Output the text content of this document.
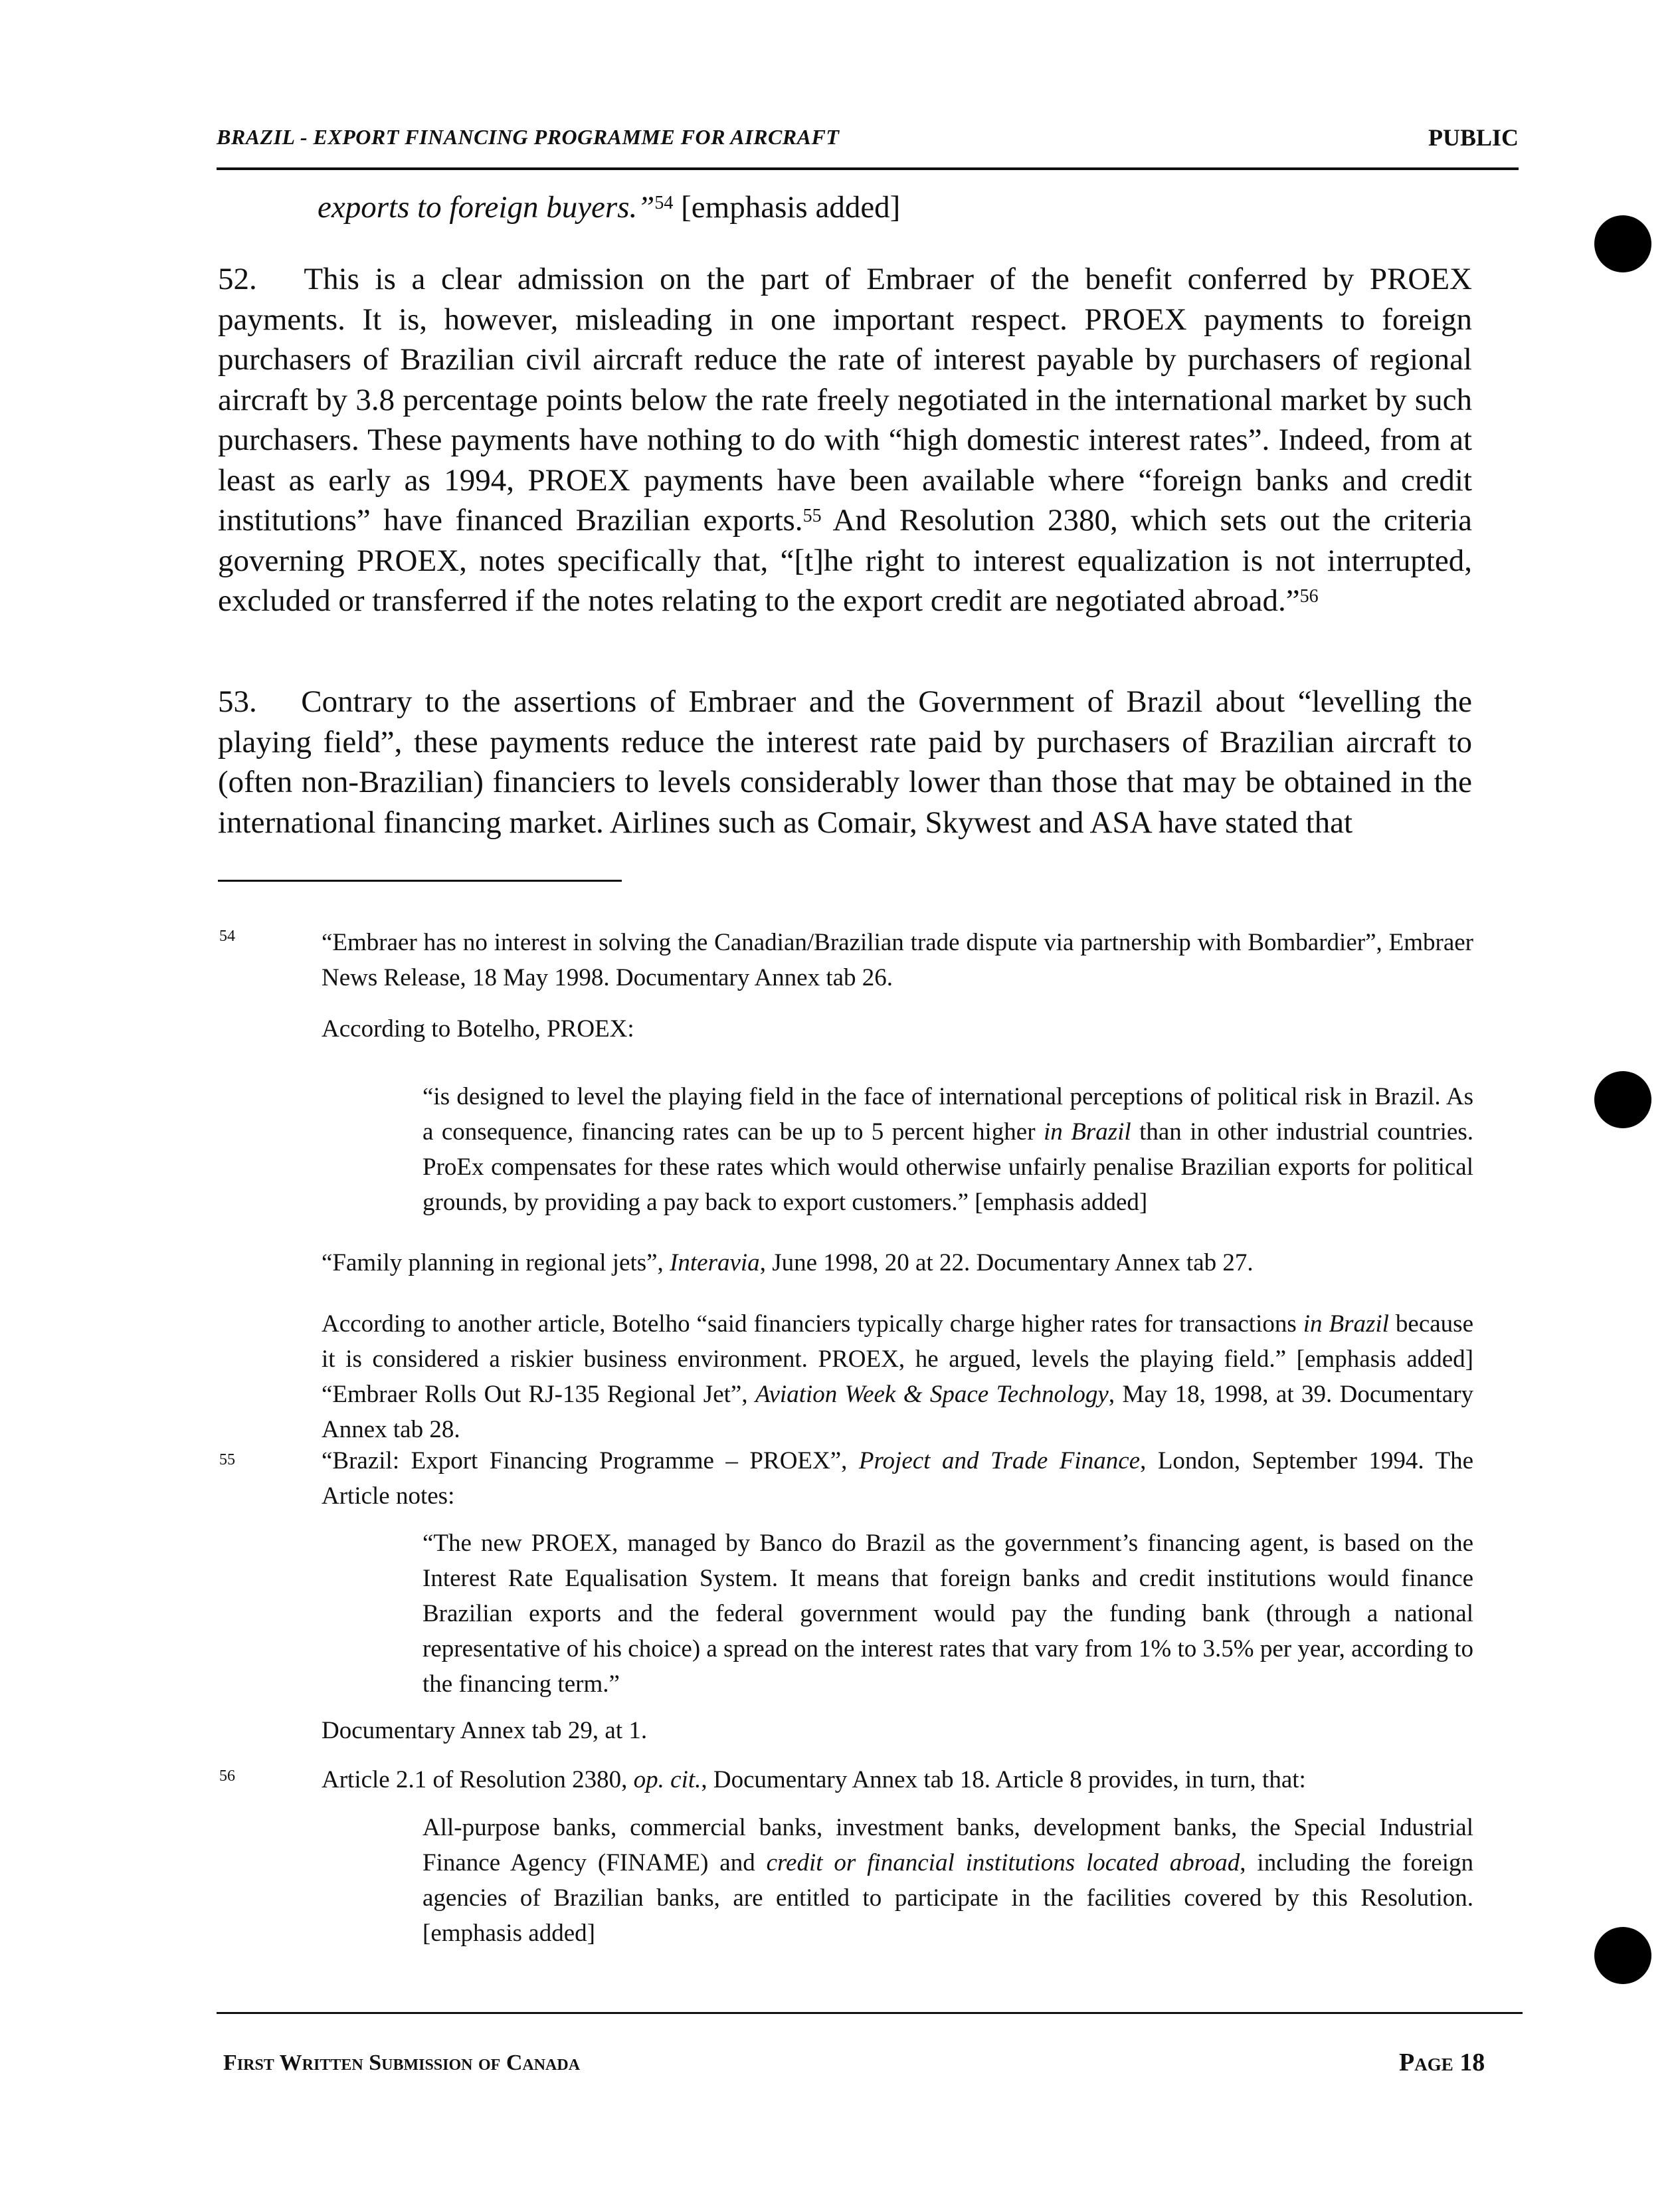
BRAZIL - EXPORT FINANCING PROGRAMME FOR AIRCRAFT	PUBLIC
exports to foreign buyers.”$^{54}$ [emphasis added]
52.  This is a clear admission on the part of Embraer of the benefit conferred by PROEX payments. It is, however, misleading in one important respect. PROEX payments to foreign purchasers of Brazilian civil aircraft reduce the rate of interest payable by purchasers of regional aircraft by 3.8 percentage points below the rate freely negotiated in the international market by such purchasers. These payments have nothing to do with “high domestic interest rates”. Indeed, from at least as early as 1994, PROEX payments have been available where “foreign banks and credit institutions” have financed Brazilian exports.$^{55}$ And Resolution 2380, which sets out the criteria governing PROEX, notes specifically that, “[t]he right to interest equalization is not interrupted, excluded or transferred if the notes relating to the export credit are negotiated abroad.”$^{56}$
53.  Contrary to the assertions of Embraer and the Government of Brazil about “levelling the playing field”, these payments reduce the interest rate paid by purchasers of Brazilian aircraft to (often non-Brazilian) financiers to levels considerably lower than those that may be obtained in the international financing market. Airlines such as Comair, Skywest and ASA have stated that
54	“Embraer has no interest in solving the Canadian/Brazilian trade dispute via partnership with Bombardier”, Embraer News Release, 18 May 1998. Documentary Annex tab 26.
According to Botelho, PROEX:
“is designed to level the playing field in the face of international perceptions of political risk in Brazil. As a consequence, financing rates can be up to 5 percent higher in Brazil than in other industrial countries. ProEx compensates for these rates which would otherwise unfairly penalise Brazilian exports for political grounds, by providing a pay back to export customers.” [emphasis added]
“Family planning in regional jets”, Interavia, June 1998, 20 at 22. Documentary Annex tab 27.
According to another article, Botelho “said financiers typically charge higher rates for transactions in Brazil because it is considered a riskier business environment. PROEX, he argued, levels the playing field.” [emphasis added] “Embraer Rolls Out RJ-135 Regional Jet”, Aviation Week & Space Technology, May 18, 1998, at 39. Documentary Annex tab 28.
55	“Brazil: Export Financing Programme – PROEX”, Project and Trade Finance, London, September 1994. The Article notes:
“The new PROEX, managed by Banco do Brazil as the government’s financing agent, is based on the Interest Rate Equalisation System. It means that foreign banks and credit institutions would finance Brazilian exports and the federal government would pay the funding bank (through a national representative of his choice) a spread on the interest rates that vary from 1% to 3.5% per year, according to the financing term.”
Documentary Annex tab 29, at 1.
56	Article 2.1 of Resolution 2380, op. cit., Documentary Annex tab 18. Article 8 provides, in turn, that:
All-purpose banks, commercial banks, investment banks, development banks, the Special Industrial Finance Agency (FINAME) and credit or financial institutions located abroad, including the foreign agencies of Brazilian banks, are entitled to participate in the facilities covered by this Resolution. [emphasis added]
First Written Submission of Canada	Page 18
